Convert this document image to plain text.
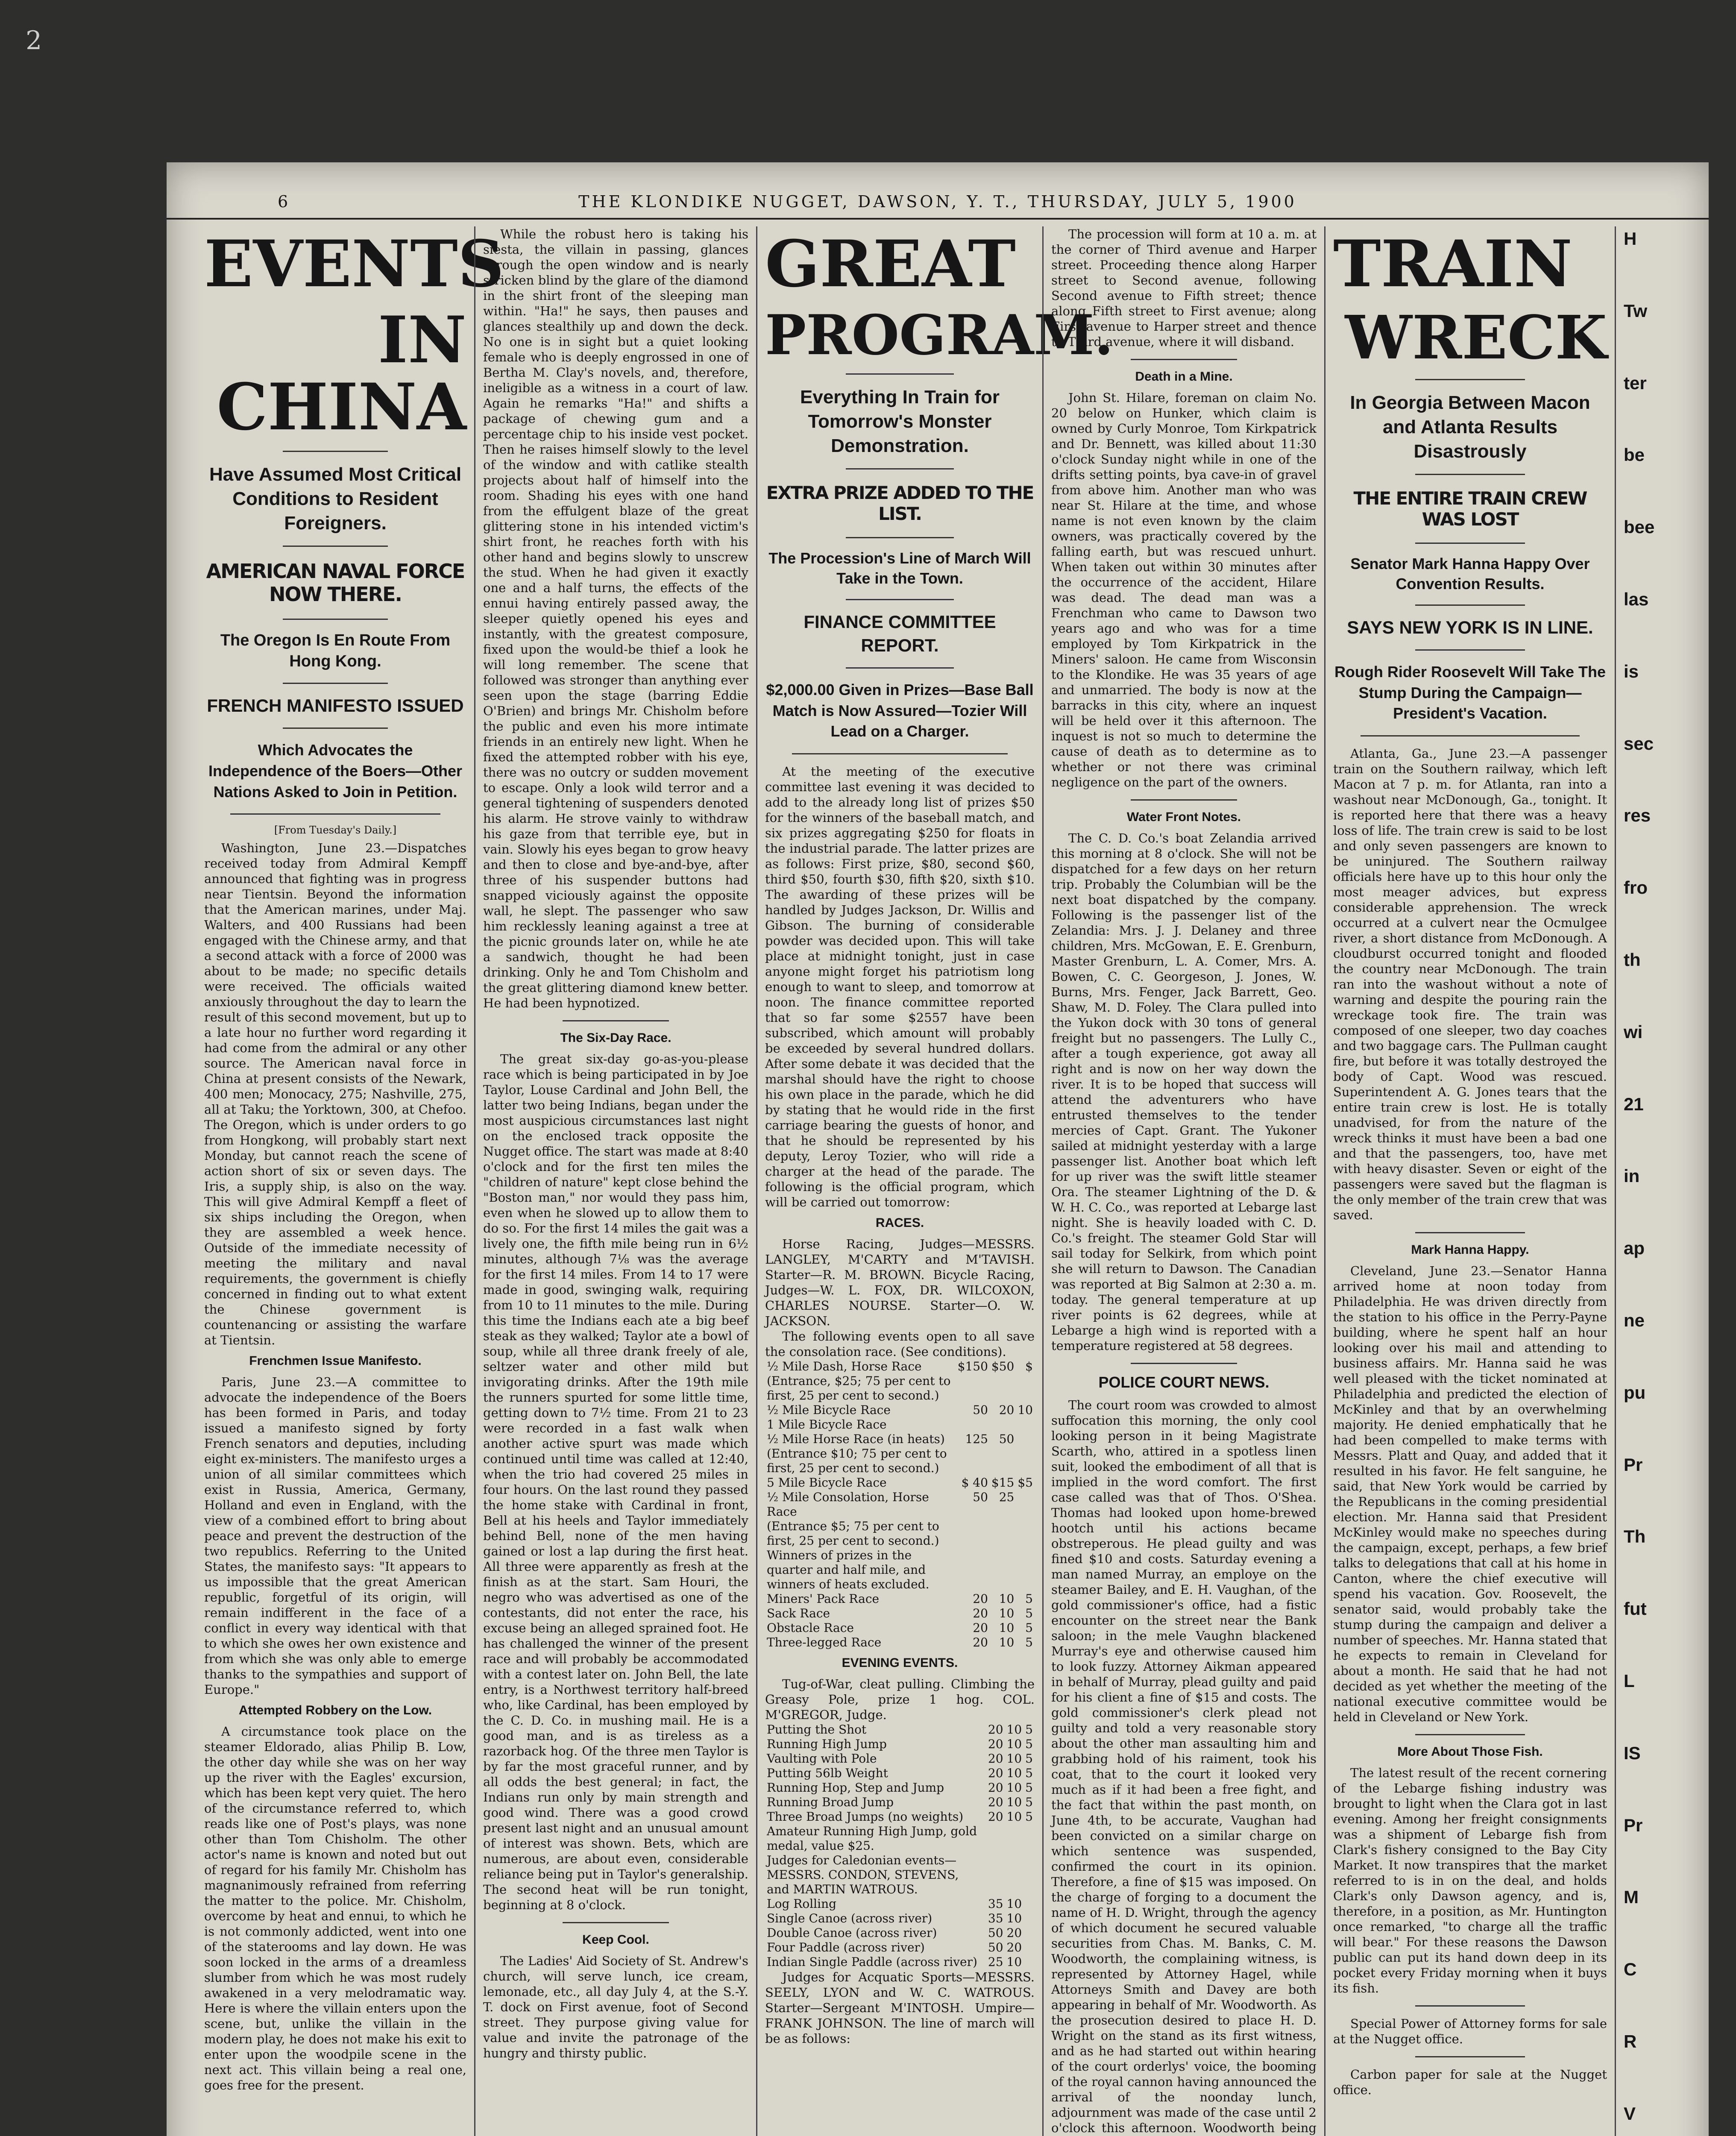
2
6	THE KLONDIKE NUGGET, DAWSON, Y. T., THURSDAY, JULY 5, 1900
EVENTS
IN CHINA
Have Assumed Most Critical Conditions to Resident Foreigners.
AMERICAN NAVAL FORCE NOW THERE.
The Oregon Is En Route From Hong Kong.
FRENCH MANIFESTO ISSUED
Which Advocates the Independence of the Boers—Other Nations Asked to Join in Petition.
[From Tuesday's Daily.]

Washington, June 23.—Dispatches received today from Admiral Kempff announced that fighting was in progress near Tientsin. Beyond the information that the American marines, under Maj. Walters, and 400 Russians had been engaged with the Chinese army, and that a second attack with a force of 2000 was about to be made; no specific details were received. The officials waited anxiously throughout the day to learn the result of this second movement, but up to a late hour no further word regarding it had come from the admiral or any other source. The American naval force in China at present consists of the Newark, 400 men; Monocacy, 275; Nashville, 275, all at Taku; the Yorktown, 300, at Chefoo. The Oregon, which is under orders to go from Hongkong, will probably start next Monday, but cannot reach the scene of action short of six or seven days. The Iris, a supply ship, is also on the way. This will give Admiral Kempff a fleet of six ships including the Oregon, when they are assembled a week hence. Outside of the immediate necessity of meeting the military and naval requirements, the government is chiefly concerned in finding out to what extent the Chinese government is countenancing or assisting the warfare at Tientsin.

Frenchmen Issue Manifesto.

Paris, June 23.—A committee to advocate the independence of the Boers has been formed in Paris, and today issued a manifesto signed by forty French senators and deputies, including eight ex-ministers. The manifesto urges a union of all similar committees which exist in Russia, America, Germany, Holland and even in England, with the view of a combined effort to bring about peace and prevent the destruction of the two republics. Referring to the United States, the manifesto says: "It appears to us impossible that the great American republic, forgetful of its origin, will remain indifferent in the face of a conflict in every way identical with that to which she owes her own existence and from which she was only able to emerge thanks to the sympathies and support of Europe."

Attempted Robbery on the Low.

A circumstance took place on the steamer Eldorado, alias Philip B. Low, the other day while she was on her way up the river with the Eagles' excursion, which has been kept very quiet. The hero of the circumstance referred to, which reads like one of Post's plays, was none other than Tom Chisholm. The other actor's name is known and noted but out of regard for his family Mr. Chisholm has magnanimously refrained from referring the matter to the police. Mr. Chisholm, overcome by heat and ennui, to which he is not commonly addicted, went into one of the staterooms and lay down. He was soon locked in the arms of a dreamless slumber from which he was most rudely awakened in a very melodramatic way. Here is where the villain enters upon the scene, but, unlike the villain in the modern play, he does not make his exit to enter upon the woodpile scene in the next act. This villain being a real one, goes free for the present.

While the robust hero is taking his siesta, the villain in passing, glances through the open window and is nearly stricken blind by the glare of the diamond in the shirt front of the sleeping man within. "Ha!" he says, then pauses and glances stealthily up and down the deck. No one is in sight but a quiet looking female who is deeply engrossed in one of Bertha M. Clay's novels, and, therefore, ineligible as a witness in a court of law. Again he remarks "Ha!" and shifts a package of chewing gum and a percentage chip to his inside vest pocket. Then he raises himself slowly to the level of the window and with catlike stealth projects about half of himself into the room. Shading his eyes with one hand from the effulgent blaze of the great glittering stone in his intended victim's shirt front, he reaches forth with his other hand and begins slowly to unscrew the stud. When he had given it exactly one and a half turns, the effects of the ennui having entirely passed away, the sleeper quietly opened his eyes and instantly, with the greatest composure, fixed upon the would-be thief a look he will long remember. The scene that followed was stronger than anything ever seen upon the stage (barring Eddie O'Brien) and brings Mr. Chisholm before the public and even his more intimate friends in an entirely new light. When he fixed the attempted robber with his eye, there was no outcry or sudden movement to escape. Only a look wild terror and a general tightening of suspenders denoted his alarm. He strove vainly to withdraw his gaze from that terrible eye, but in vain. Slowly his eyes began to grow heavy and then to close and bye-and-bye, after three of his suspender buttons had snapped viciously against the opposite wall, he slept. The passenger who saw him recklessly leaning against a tree at the picnic grounds later on, while he ate a sandwich, thought he had been drinking. Only he and Tom Chisholm and the great glittering diamond knew better. He had been hypnotized.

The Six-Day Race.

The great six-day go-as-you-please race which is being participated in by Joe Taylor, Louse Cardinal and John Bell, the latter two being Indians, began under the most auspicious circumstances last night on the enclosed track opposite the Nugget office. The start was made at 8:40 o'clock and for the first ten miles the "children of nature" kept close behind the "Boston man," nor would they pass him, even when he slowed up to allow them to do so. For the first 14 miles the gait was a lively one, the fifth mile being run in 6½ minutes, although 7⅛ was the average for the first 14 miles. From 14 to 17 were made in good, swinging walk, requiring from 10 to 11 minutes to the mile. During this time the Indians each ate a big beef steak as they walked; Taylor ate a bowl of soup, while all three drank freely of ale, seltzer water and other mild but invigorating drinks. After the 19th mile the runners spurted for some little time, getting down to 7½ time. From 21 to 23 were recorded in a fast walk when another active spurt was made which continued until time was called at 12:40, when the trio had covered 25 miles in four hours. On the last round they passed the home stake with Cardinal in front, Bell at his heels and Taylor immediately behind Bell, none of the men having gained or lost a lap during the first heat. All three were apparently as fresh at the finish as at the start. Sam Houri, the negro who was advertised as one of the contestants, did not enter the race, his excuse being an alleged sprained foot. He has challenged the winner of the present race and will probably be accommodated with a contest later on. John Bell, the late entry, is a Northwest territory half-breed who, like Cardinal, has been employed by the C. D. Co. in mushing mail. He is a good man, and is as tireless as a razorback hog. Of the three men Taylor is by far the most graceful runner, and by all odds the best general; in fact, the Indians run only by main strength and good wind. There was a good crowd present last night and an unusual amount of interest was shown. Bets, which are numerous, are about even, considerable reliance being put in Taylor's generalship. The second heat will be run tonight, beginning at 8 o'clock.

Keep Cool.

The Ladies' Aid Society of St. Andrew's church, will serve lunch, ice cream, lemonade, etc., all day July 4, at the S.-Y. T. dock on First avenue, foot of Second street. They purpose giving value for value and invite the patronage of the hungry and thirsty public.

GREAT
PROGRAM.
Everything In Train for Tomorrow's Monster Demonstration.
EXTRA PRIZE ADDED TO THE LIST.
The Procession's Line of March Will Take in the Town.
FINANCE COMMITTEE REPORT.
$2,000.00 Given in Prizes—Base Ball Match is Now Assured—Tozier Will Lead on a Charger.

At the meeting of the executive committee last evening it was decided to add to the already long list of prizes $50 for the winners of the baseball match, and six prizes aggregating $250 for floats in the industrial parade. The latter prizes are as follows: First prize, $80, second $60, third $50, fourth $30, fifth $20, sixth $10. The awarding of these prizes will be handled by Judges Jackson, Dr. Willis and Gibson. The burning of considerable powder was decided upon. This will take place at midnight tonight, just in case anyone might forget his patriotism long enough to want to sleep, and tomorrow at noon. The finance committee reported that so far some $2557 have been subscribed, which amount will probably be exceeded by several hundred dollars. After some debate it was decided that the marshal should have the right to choose his own place in the parade, which he did by stating that he would ride in the first carriage bearing the guests of honor, and that he should be represented by his deputy, Leroy Tozier, who will ride a charger at the head of the parade. The following is the official program, which will be carried out tomorrow:

RACES.

Horse Racing, Judges—MESSRS. LANGLEY, M'CARTY and M'TAVISH. Starter—R. M. BROWN. Bicycle Racing, Judges—W. L. FOX, DR. WILCOXON, CHARLES NOURSE. Starter—O. W. JACKSON.

The following events open to all save the consolation race. (See conditions).

½ Mile Dash, Horse Race	$150	$50	$
(Entrance, $25; 75 per cent to first, 25 per cent to second.)			
½ Mile Bicycle Race	50	20	10
1 Mile Bicycle Race			
½ Mile Horse Race (in heats)	125	50	
(Entrance $10; 75 per cent to first, 25 per cent to second.)			
5 Mile Bicycle Race	$ 40	$15	$5
½ Mile Consolation, Horse Race	50	25	
(Entrance $5; 75 per cent to first, 25 per cent to second.)			
Winners of prizes in the quarter and half mile, and winners of heats excluded.			
Miners' Pack Race	20	10	5
Sack Race	20	10	5
Obstacle Race	20	10	5
Three-legged Race	20	10	5
EVENING EVENTS.

Tug-of-War, cleat pulling. Climbing the Greasy Pole, prize 1 hog. COL. M'GREGOR, Judge.

Putting the Shot	20	10	5
Running High Jump	20	10	5
Vaulting with Pole	20	10	5
Putting 56lb Weight	20	10	5
Running Hop, Step and Jump	20	10	5
Running Broad Jump	20	10	5
Three Broad Jumps (no weights)	20	10	5
Amateur Running High Jump, gold medal, value $25.			
Judges for Caledonian events—MESSRS. CONDON, STEVENS, and MARTIN WATROUS.			
Log Rolling	35	10	
Single Canoe (across river)	35	10	
Double Canoe (across river)	50	20	
Four Paddle (across river)	50	20	
Indian Single Paddle (across river)	25	10	

Judges for Acquatic Sports—MESSRS. SEELY, LYON and W. C. WATROUS. Starter—Sergeant M'INTOSH. Umpire—FRANK JOHNSON. The line of march will be as follows:

The procession will form at 10 a. m. at the corner of Third avenue and Harper street. Proceeding thence along Harper street to Second avenue, following Second avenue to Fifth street; thence along Fifth street to First avenue; along First avenue to Harper street and thence to Third avenue, where it will disband.

Death in a Mine.

John St. Hilare, foreman on claim No. 20 below on Hunker, which claim is owned by Curly Monroe, Tom Kirkpatrick and Dr. Bennett, was killed about 11:30 o'clock Sunday night while in one of the drifts setting points, bya cave-in of gravel from above him. Another man who was near St. Hilare at the time, and whose name is not even known by the claim owners, was practically covered by the falling earth, but was rescued unhurt. When taken out within 30 minutes after the occurrence of the accident, Hilare was dead. The dead man was a Frenchman who came to Dawson two years ago and who was for a time employed by Tom Kirkpatrick in the Miners' saloon. He came from Wisconsin to the Klondike. He was 35 years of age and unmarried. The body is now at the barracks in this city, where an inquest will be held over it this afternoon. The inquest is not so much to determine the cause of death as to determine as to whether or not there was criminal negligence on the part of the owners.

Water Front Notes.

The C. D. Co.'s boat Zelandia arrived this morning at 8 o'clock. She will not be dispatched for a few days on her return trip. Probably the Columbian will be the next boat dispatched by the company. Following is the passenger list of the Zelandia: Mrs. J. J. Delaney and three children, Mrs. McGowan, E. E. Grenburn, Master Grenburn, L. A. Comer, Mrs. A. Bowen, C. C. Georgeson, J. Jones, W. Burns, Mrs. Fenger, Jack Barrett, Geo. Shaw, M. D. Foley. The Clara pulled into the Yukon dock with 30 tons of general freight but no passengers. The Lully C., after a tough experience, got away all right and is now on her way down the river. It is to be hoped that success will attend the adventurers who have entrusted themselves to the tender mercies of Capt. Grant. The Yukoner sailed at midnight yesterday with a large passenger list. Another boat which left for up river was the swift little steamer Ora. The steamer Lightning of the D. & W. H. C. Co., was reported at Lebarge last night. She is heavily loaded with C. D. Co.'s freight. The steamer Gold Star will sail today for Selkirk, from which point she will return to Dawson. The Canadian was reported at Big Salmon at 2:30 a. m. today. The general temperature at up river points is 62 degrees, while at Lebarge a high wind is reported with a temperature registered at 58 degrees.

POLICE COURT NEWS.

The court room was crowded to almost suffocation this morning, the only cool looking person in it being Magistrate Scarth, who, attired in a spotless linen suit, looked the embodiment of all that is implied in the word comfort. The first case called was that of Thos. O'Shea. Thomas had looked upon home-brewed hootch until his actions became obstreperous. He plead guilty and was fined $10 and costs. Saturday evening a man named Murray, an employe on the steamer Bailey, and E. H. Vaughan, of the gold commissioner's office, had a fistic encounter on the street near the Bank saloon; in the mele Vaughn blackened Murray's eye and otherwise caused him to look fuzzy. Attorney Aikman appeared in behalf of Murray, plead guilty and paid for his client a fine of $15 and costs. The gold commissioner's clerk plead not guilty and told a very reasonable story about the other man assaulting him and grabbing hold of his raiment, took his coat, that to the court it looked very much as if it had been a free fight, and the fact that within the past month, on June 4th, to be accurate, Vaughan had been convicted on a similar charge on which sentence was suspended, confirmed the court in its opinion. Therefore, a fine of $15 was imposed. On the charge of forging to a document the name of H. D. Wright, through the agency of which document he secured valuable securities from Chas. M. Banks, C. M. Woodworth, the complaining witness, is represented by Attorney Hagel, while Attorneys Smith and Davey are both appearing in behalf of Mr. Woodworth. As the prosecution desired to place H. D. Wright on the stand as its first witness, and as he had started out within hearing of the court orderlys' voice, the booming of the royal cannon having announced the arrival of the noonday lunch, adjournment was made of the case until 2 o'clock this afternoon. Woodworth being

TRAIN
WRECK
In Georgia Between Macon and Atlanta Results Disastrously
THE ENTIRE TRAIN CREW WAS LOST
Senator Mark Hanna Happy Over Convention Results.
SAYS NEW YORK IS IN LINE.
Rough Rider Roosevelt Will Take The Stump During the Campaign—President's Vacation.

Atlanta, Ga., June 23.—A passenger train on the Southern railway, which left Macon at 7 p. m. for Atlanta, ran into a washout near McDonough, Ga., tonight. It is reported here that there was a heavy loss of life. The train crew is said to be lost and only seven passengers are known to be uninjured. The Southern railway officials here have up to this hour only the most meager advices, but express considerable apprehension. The wreck occurred at a culvert near the Ocmulgee river, a short distance from McDonough. A cloudburst occurred tonight and flooded the country near McDonough. The train ran into the washout without a note of warning and despite the pouring rain the wreckage took fire. The train was composed of one sleeper, two day coaches and two baggage cars. The Pullman caught fire, but before it was totally destroyed the body of Capt. Wood was rescued. Superintendent A. G. Jones tears that the entire train crew is lost. He is totally unadvised, for from the nature of the wreck thinks it must have been a bad one and that the passengers, too, have met with heavy disaster. Seven or eight of the passengers were saved but the flagman is the only member of the train crew that was saved.

Mark Hanna Happy.

Cleveland, June 23.—Senator Hanna arrived home at noon today from Philadelphia. He was driven directly from the station to his office in the Perry-Payne building, where he spent half an hour looking over his mail and attending to business affairs. Mr. Hanna said he was well pleased with the ticket nominated at Philadelphia and predicted the election of McKinley and that by an overwhelming majority. He denied emphatically that he had been compelled to make terms with Messrs. Platt and Quay, and added that it resulted in his favor. He felt sanguine, he said, that New York would be carried by the Republicans in the coming presidential election. Mr. Hanna said that President McKinley would make no speeches during the campaign, except, perhaps, a few brief talks to delegations that call at his home in Canton, where the chief executive will spend his vacation. Gov. Roosevelt, the senator said, would probably take the stump during the campaign and deliver a number of speeches. Mr. Hanna stated that he expects to remain in Cleveland for about a month. He said that he had not decided as yet whether the meeting of the national executive committee would be held in Cleveland or New York.

More About Those Fish.

The latest result of the recent cornering of the Lebarge fishing industry was brought to light when the Clara got in last evening. Among her freight consignments was a shipment of Lebarge fish from Clark's fishery consigned to the Bay City Market. It now transpires that the market referred to is in on the deal, and holds Clark's only Dawson agency, and is, therefore, in a position, as Mr. Huntington once remarked, "to charge all the traffic will bear." For these reasons the Dawson public can put its hand down deep in its pocket every Friday morning when it buys its fish.

Special Power of Attorney forms for sale at the Nugget office.

Carbon paper for sale at the Nugget office.

H
Tw
ter
be
bee
las
is
sec
res
fro
th
wi
21
in
ap
ne
pu
Pr
Th
fut
L
IS
Pr
M
C
R
V
